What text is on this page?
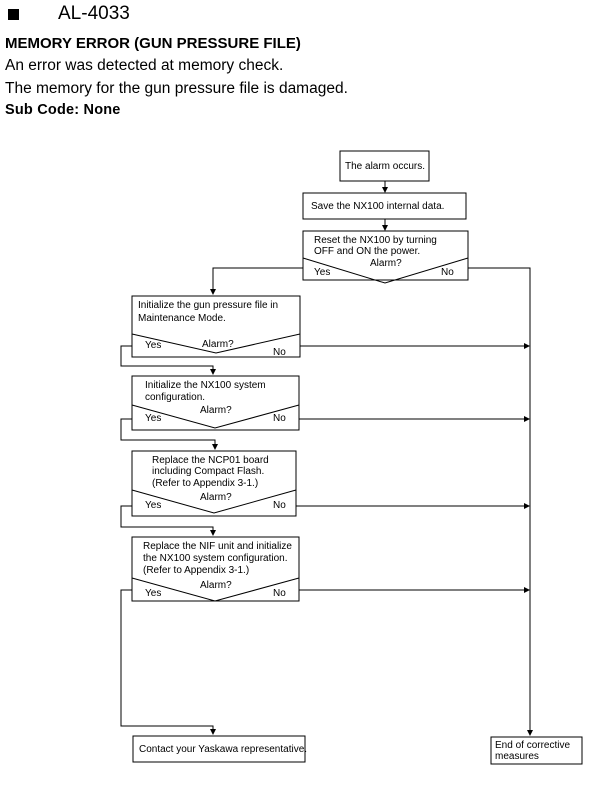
AL-4033
MEMORY ERROR (GUN PRESSURE FILE)
An error was detected at memory check.
The memory for the gun pressure file is damaged.
Sub Code: None
The alarm occurs.
Save the NX100 internal data.
Reset the NX100 by turning
OFF and ON the power.
Alarm?
Yes	No
Initialize the gun pressure file in
Maintenance Mode.
Alarm?
Yes
No
Initialize the NX100 system
configuration.
Alarm?
Yes	No
Replace the NCP01 board
including Compact Flash.
(Refer to Appendix 3-1.)
Alarm?
Yes	No
Replace the NIF unit and initialize
the NX100 system configuration.
(Refer to Appendix 3-1.)
Alarm?
Yes	No
Contact your Yaskawa representative.	End of corrective
measures
